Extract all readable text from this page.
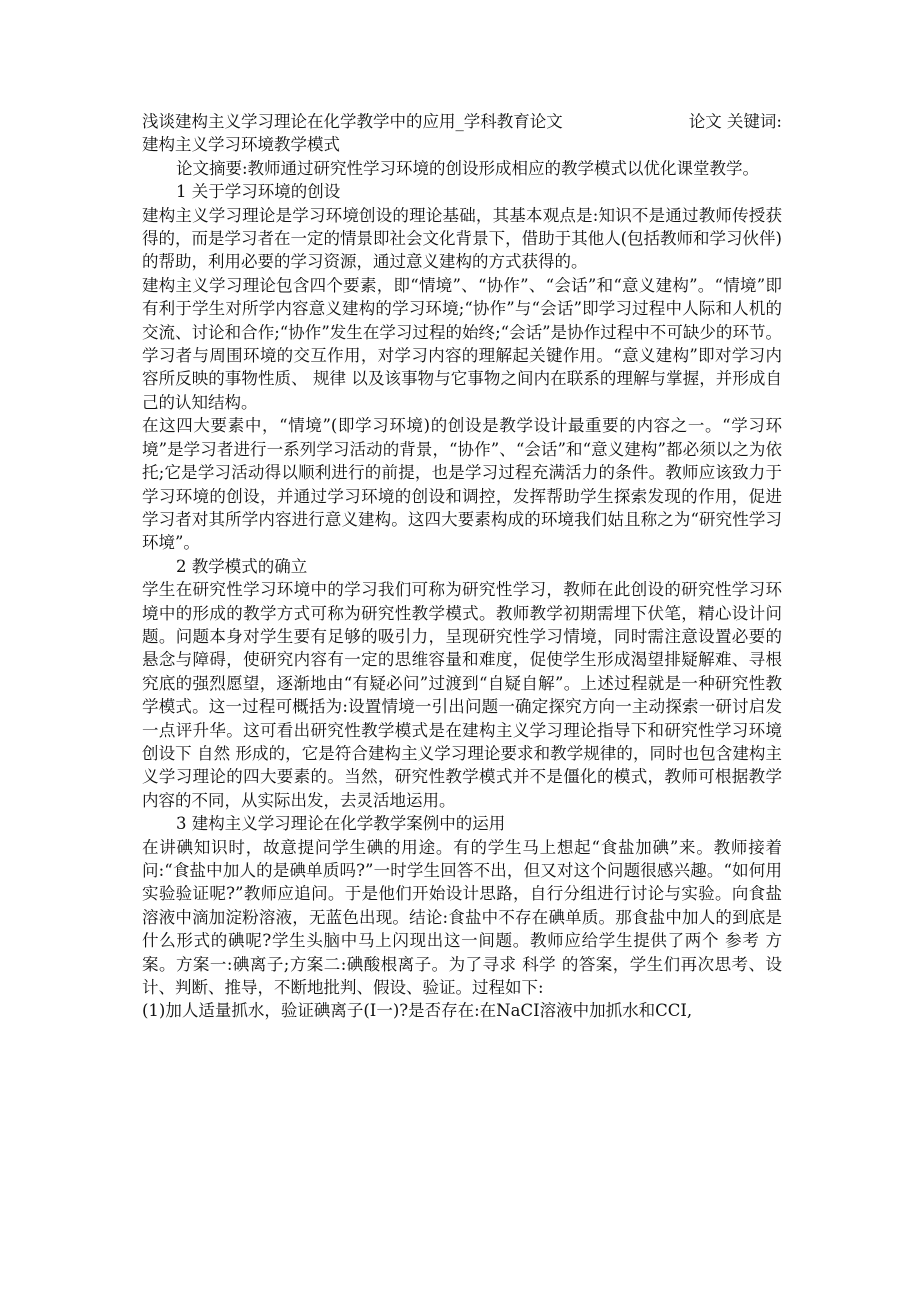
浅谈建构主义学习理论在化学教学中的应用_学科教育论文	论文 关键词:

建构主义学习环境教学模式

论文摘要:教师通过研究性学习环境的创设形成相应的教学模式以优化课堂教学。

1 关于学习环境的创设

建构主义学习理论是学习环境创设的理论基础，其基本观点是:知识不是通过教师传授获得的，而是学习者在一定的情景即社会文化背景下，借助于其他人(包括教师和学习伙伴)的帮助，利用必要的学习资源，通过意义建构的方式获得的。

建构主义学习理论包含四个要素，即“情境”、“协作”、“会话”和“意义建构”。“情境”即有利于学生对所学内容意义建构的学习环境;“协作”与“会话”即学习过程中人际和人机的交流、讨论和合作;“协作”发生在学习过程的始终;“会话”是协作过程中不可缺少的环节。学习者与周围环境的交互作用，对学习内容的理解起关键作用。“意义建构”即对学习内容所反映的事物性质、 规律 以及该事物与它事物之间内在联系的理解与掌握，并形成自己的认知结构。

在这四大要素中，“情境”(即学习环境)的创设是教学设计最重要的内容之一。“学习环境”是学习者进行一系列学习活动的背景，“协作”、“会话”和“意义建构”都必须以之为依托;它是学习活动得以顺利进行的前提，也是学习过程充满活力的条件。教师应该致力于学习环境的创设，并通过学习环境的创设和调控，发挥帮助学生探索发现的作用，促进学习者对其所学内容进行意义建构。这四大要素构成的环境我们姑且称之为“研究性学习环境”。

2 教学模式的确立

学生在研究性学习环境中的学习我们可称为研究性学习，教师在此创设的研究性学习环境中的形成的教学方式可称为研究性教学模式。教师教学初期需埋下伏笔，精心设计问题。问题本身对学生要有足够的吸引力，呈现研究性学习情境，同时需注意设置必要的悬念与障碍，使研究内容有一定的思维容量和难度，促使学生形成渴望排疑解难、寻根究底的强烈愿望，逐渐地由“有疑必问”过渡到“自疑自解”。上述过程就是一种研究性教学模式。这一过程可概括为:设置情境一引出问题一确定探究方向一主动探索一研讨启发一点评升华。这可看出研究性教学模式是在建构主义学习理论指导下和研究性学习环境创设下 自然 形成的，它是符合建构主义学习理论要求和教学规律的，同时也包含建构主义学习理论的四大要素的。当然，研究性教学模式并不是僵化的模式，教师可根据教学内容的不同，从实际出发，去灵活地运用。

3 建构主义学习理论在化学教学案例中的运用

在讲碘知识时，故意提问学生碘的用途。有的学生马上想起“食盐加碘”来。教师接着问:“食盐中加人的是碘单质吗?”一时学生回答不出，但又对这个问题很感兴趣。“如何用实验验证呢?”教师应追问。于是他们开始设计思路，自行分组进行讨论与实验。向食盐溶液中滴加淀粉溶液，无蓝色出现。结论:食盐中不存在碘单质。那食盐中加人的到底是什么形式的碘呢?学生头脑中马上闪现出这一间题。教师应给学生提供了两个 参考 方案。方案一:碘离子;方案二:碘酸根离子。为了寻求 科学 的答案，学生们再次思考、设计、判断、推导，不断地批判、假设、验证。过程如下:

(1)加人适量抓水，验证碘离子(I一)?是否存在:在NaCI溶液中加抓水和CCI,
